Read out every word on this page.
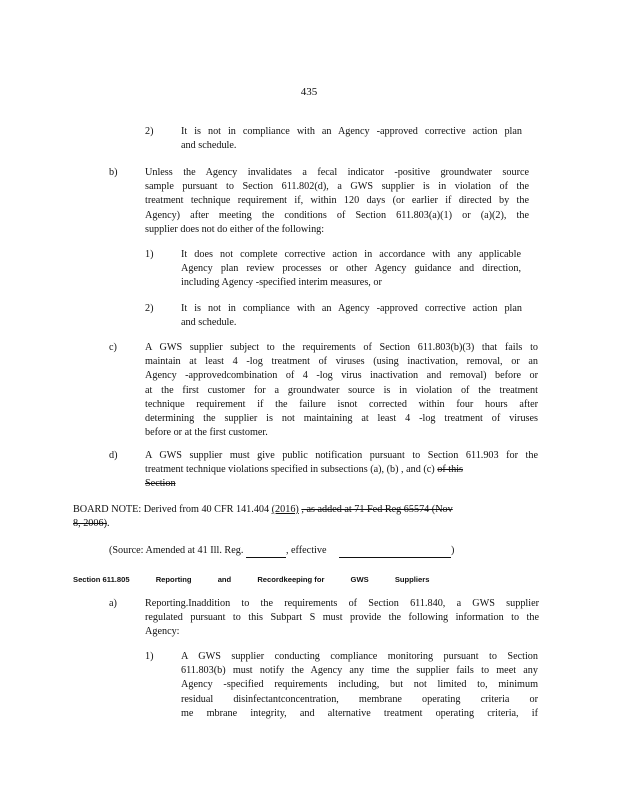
435
2)	It is not in compliance with an Agency -approved corrective action plan
and schedule.
b)	Unless the Agency invalidates a fecal indicator -positive groundwater source
sample pursuant to Section 611.802(d), a GWS supplier is in violation of the
treatment technique requirement if, within 120 days (or earlier if directed by the
Agency) after meeting the conditions of Section 611.803(a)(1) or (a)(2), the
supplier does not do either of the following:
1)	It does not complete corrective action in accordance with any applicable
Agency plan review processes or other Agency guidance and direction,
including Agency -specified interim measures, or
2)	It is not in compliance with an Agency -approved corrective action plan
and schedule.
c)	A GWS supplier subject to the requirements of Section 611.803(b)(3) that fails to
maintain at least 4 -log treatment of viruses (using inactivation, removal, or an
Agency -approvedcombination of 4 -log virus inactivation and removal) before or
at the first customer for a groundwater source is in violation of the treatment
technique requirement if the failure isnot corrected within four hours after
determining the supplier is not maintaining at least 4 -log treatment of viruses
before or at the first customer.
d)	A GWS supplier must give public notification pursuant to Section 611.903 for the
treatment technique violations specified in subsections (a), (b) , and (c) of this
Section
BOARD NOTE: Derived from 40 CFR 141.404 (2016) , as added at 71 Fed Reg 65574 (Nov
8, 2006).
(Source: Amended at 41 Ill. Reg.	, effective	)
Section 611.805	Reporting	and	Recordkeeping for	GWS	Suppliers
a)	Reporting.Inaddition to the requirements of Section 611.840, a GWS supplier
regulated pursuant to this Subpart S must provide the following information to the
Agency:
1)	A GWS supplier conducting compliance monitoring pursuant to Section
611.803(b) must notify the Agency any time the supplier fails to meet any
Agency -specified requirements including, but not limited to, minimum
residual disinfectantconcentration, membrane operating criteria or
me mbrane integrity, and alternative treatment operating criteria, if
